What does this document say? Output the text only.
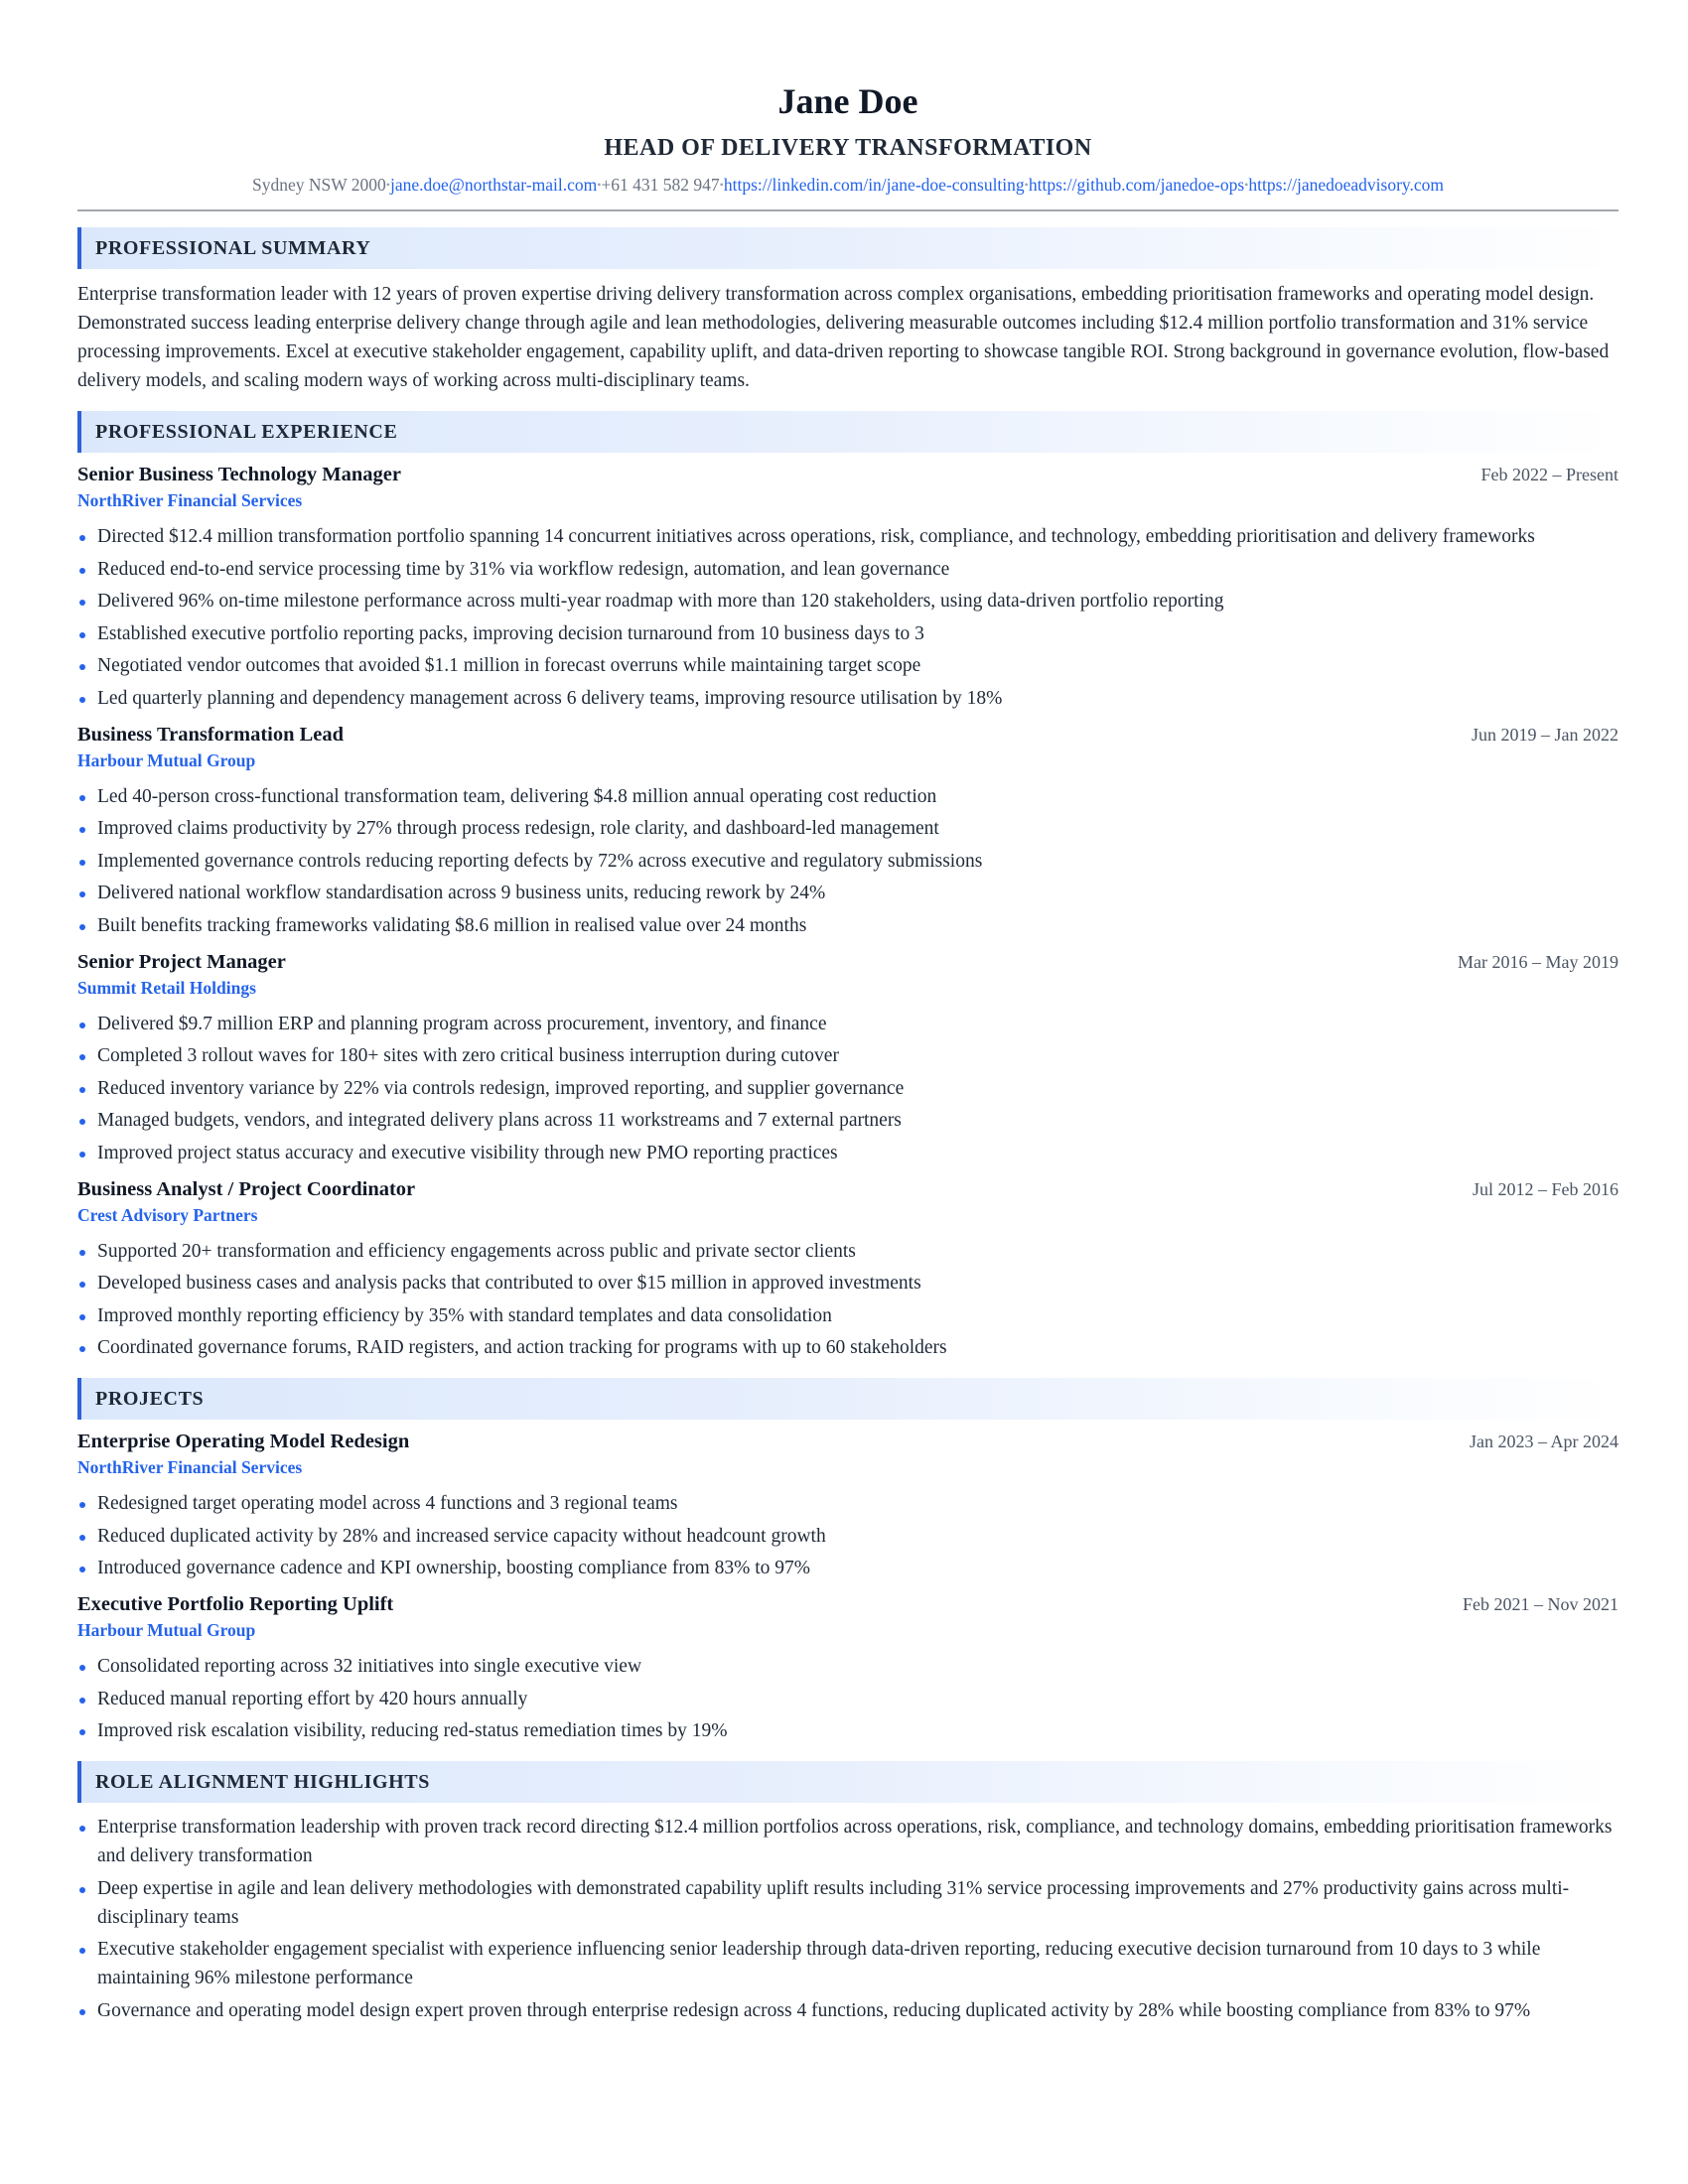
Jane Doe
HEAD OF DELIVERY TRANSFORMATION
Sydney NSW 2000•jane.doe@northstar-mail.com•+61 431 582 947•https://linkedin.com/in/jane-doe-consulting•https://github.com/janedoe-ops•https://janedoeadvisory.com
PROFESSIONAL SUMMARY
Enterprise transformation leader with 12 years of proven expertise driving delivery transformation across complex organisations, embedding prioritisation frameworks and operating model design. Demonstrated success leading enterprise delivery change through agile and lean methodologies, delivering measurable outcomes including $12.4 million portfolio transformation and 31% service processing improvements. Excel at executive stakeholder engagement, capability uplift, and data-driven reporting to showcase tangible ROI. Strong background in governance evolution, flow-based delivery models, and scaling modern ways of working across multi-disciplinary teams.
PROFESSIONAL EXPERIENCE
Senior Business Technology Manager	Feb 2022 – Present
NorthRiver Financial Services
Directed $12.4 million transformation portfolio spanning 14 concurrent initiatives across operations, risk, compliance, and technology, embedding prioritisation and delivery frameworks
Reduced end-to-end service processing time by 31% via workflow redesign, automation, and lean governance
Delivered 96% on-time milestone performance across multi-year roadmap with more than 120 stakeholders, using data-driven portfolio reporting
Established executive portfolio reporting packs, improving decision turnaround from 10 business days to 3
Negotiated vendor outcomes that avoided $1.1 million in forecast overruns while maintaining target scope
Led quarterly planning and dependency management across 6 delivery teams, improving resource utilisation by 18%
Business Transformation Lead	Jun 2019 – Jan 2022
Harbour Mutual Group
Led 40-person cross-functional transformation team, delivering $4.8 million annual operating cost reduction
Improved claims productivity by 27% through process redesign, role clarity, and dashboard-led management
Implemented governance controls reducing reporting defects by 72% across executive and regulatory submissions
Delivered national workflow standardisation across 9 business units, reducing rework by 24%
Built benefits tracking frameworks validating $8.6 million in realised value over 24 months
Senior Project Manager	Mar 2016 – May 2019
Summit Retail Holdings
Delivered $9.7 million ERP and planning program across procurement, inventory, and finance
Completed 3 rollout waves for 180+ sites with zero critical business interruption during cutover
Reduced inventory variance by 22% via controls redesign, improved reporting, and supplier governance
Managed budgets, vendors, and integrated delivery plans across 11 workstreams and 7 external partners
Improved project status accuracy and executive visibility through new PMO reporting practices
Business Analyst / Project Coordinator	Jul 2012 – Feb 2016
Crest Advisory Partners
Supported 20+ transformation and efficiency engagements across public and private sector clients
Developed business cases and analysis packs that contributed to over $15 million in approved investments
Improved monthly reporting efficiency by 35% with standard templates and data consolidation
Coordinated governance forums, RAID registers, and action tracking for programs with up to 60 stakeholders
PROJECTS
Enterprise Operating Model Redesign	Jan 2023 – Apr 2024
NorthRiver Financial Services
Redesigned target operating model across 4 functions and 3 regional teams
Reduced duplicated activity by 28% and increased service capacity without headcount growth
Introduced governance cadence and KPI ownership, boosting compliance from 83% to 97%
Executive Portfolio Reporting Uplift	Feb 2021 – Nov 2021
Harbour Mutual Group
Consolidated reporting across 32 initiatives into single executive view
Reduced manual reporting effort by 420 hours annually
Improved risk escalation visibility, reducing red-status remediation times by 19%
ROLE ALIGNMENT HIGHLIGHTS
Enterprise transformation leadership with proven track record directing $12.4 million portfolios across operations, risk, compliance, and technology domains, embedding prioritisation frameworks and delivery transformation
Deep expertise in agile and lean delivery methodologies with demonstrated capability uplift results including 31% service processing improvements and 27% productivity gains across multi-disciplinary teams
Executive stakeholder engagement specialist with experience influencing senior leadership through data-driven reporting, reducing executive decision turnaround from 10 days to 3 while maintaining 96% milestone performance
Governance and operating model design expert proven through enterprise redesign across 4 functions, reducing duplicated activity by 28% while boosting compliance from 83% to 97%
